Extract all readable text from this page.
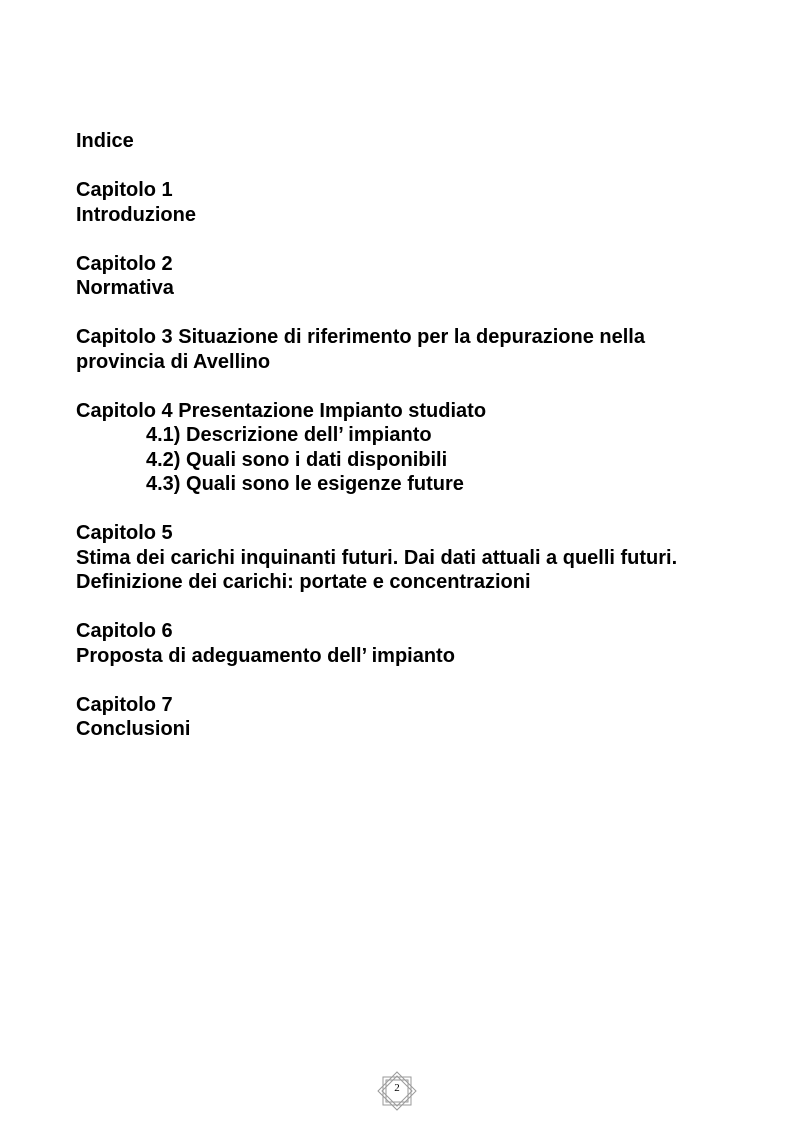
Indice
Capitolo 1
Introduzione
Capitolo 2
Normativa
Capitolo 3 Situazione di riferimento per la depurazione nella
provincia di Avellino
Capitolo 4 Presentazione Impianto studiato
4.1) Descrizione dell’ impianto
4.2) Quali sono i dati disponibili
4.3) Quali sono le esigenze future
Capitolo 5
Stima dei carichi inquinanti futuri. Dai dati attuali a quelli futuri.
Definizione dei carichi: portate e concentrazioni
Capitolo 6
Proposta di adeguamento dell’ impianto
Capitolo 7
Conclusioni
2
